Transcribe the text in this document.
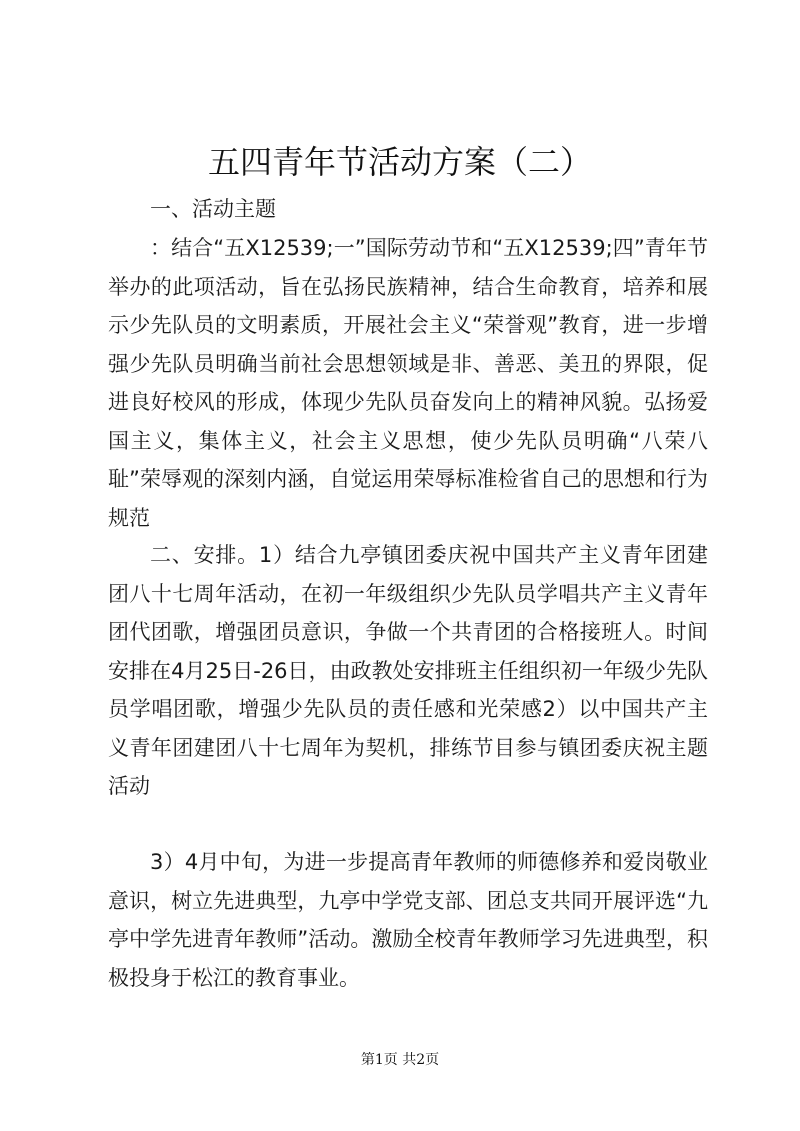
五四青年节活动方案（二）

一、活动主题

：结合“五X12539;一”国际劳动节和“五X12539;四”青年节举办的此项活动，旨在弘扬民族精神，结合生命教育，培养和展示少先队员的文明素质，开展社会主义“荣誉观”教育，进一步增强少先队员明确当前社会思想领域是非、善恶、美丑的界限，促进良好校风的形成，体现少先队员奋发向上的精神风貌。弘扬爱国主义，集体主义，社会主义思想，使少先队员明确“八荣八耻”荣辱观的深刻内涵，自觉运用荣辱标准检省自己的思想和行为规范

二、安排。1）结合九亭镇团委庆祝中国共产主义青年团建团八十七周年活动，在初一年级组织少先队员学唱共产主义青年团代团歌，增强团员意识，争做一个共青团的合格接班人。时间安排在4月25日-26日，由政教处安排班主任组织初一年级少先队员学唱团歌，增强少先队员的责任感和光荣感2）以中国共产主义青年团建团八十七周年为契机，排练节目参与镇团委庆祝主题活动

3）4月中旬，为进一步提高青年教师的师德修养和爱岗敬业意识，树立先进典型，九亭中学党支部、团总支共同开展评选“九亭中学先进青年教师”活动。激励全校青年教师学习先进典型，积极投身于松江的教育事业。

第1页 共2页
